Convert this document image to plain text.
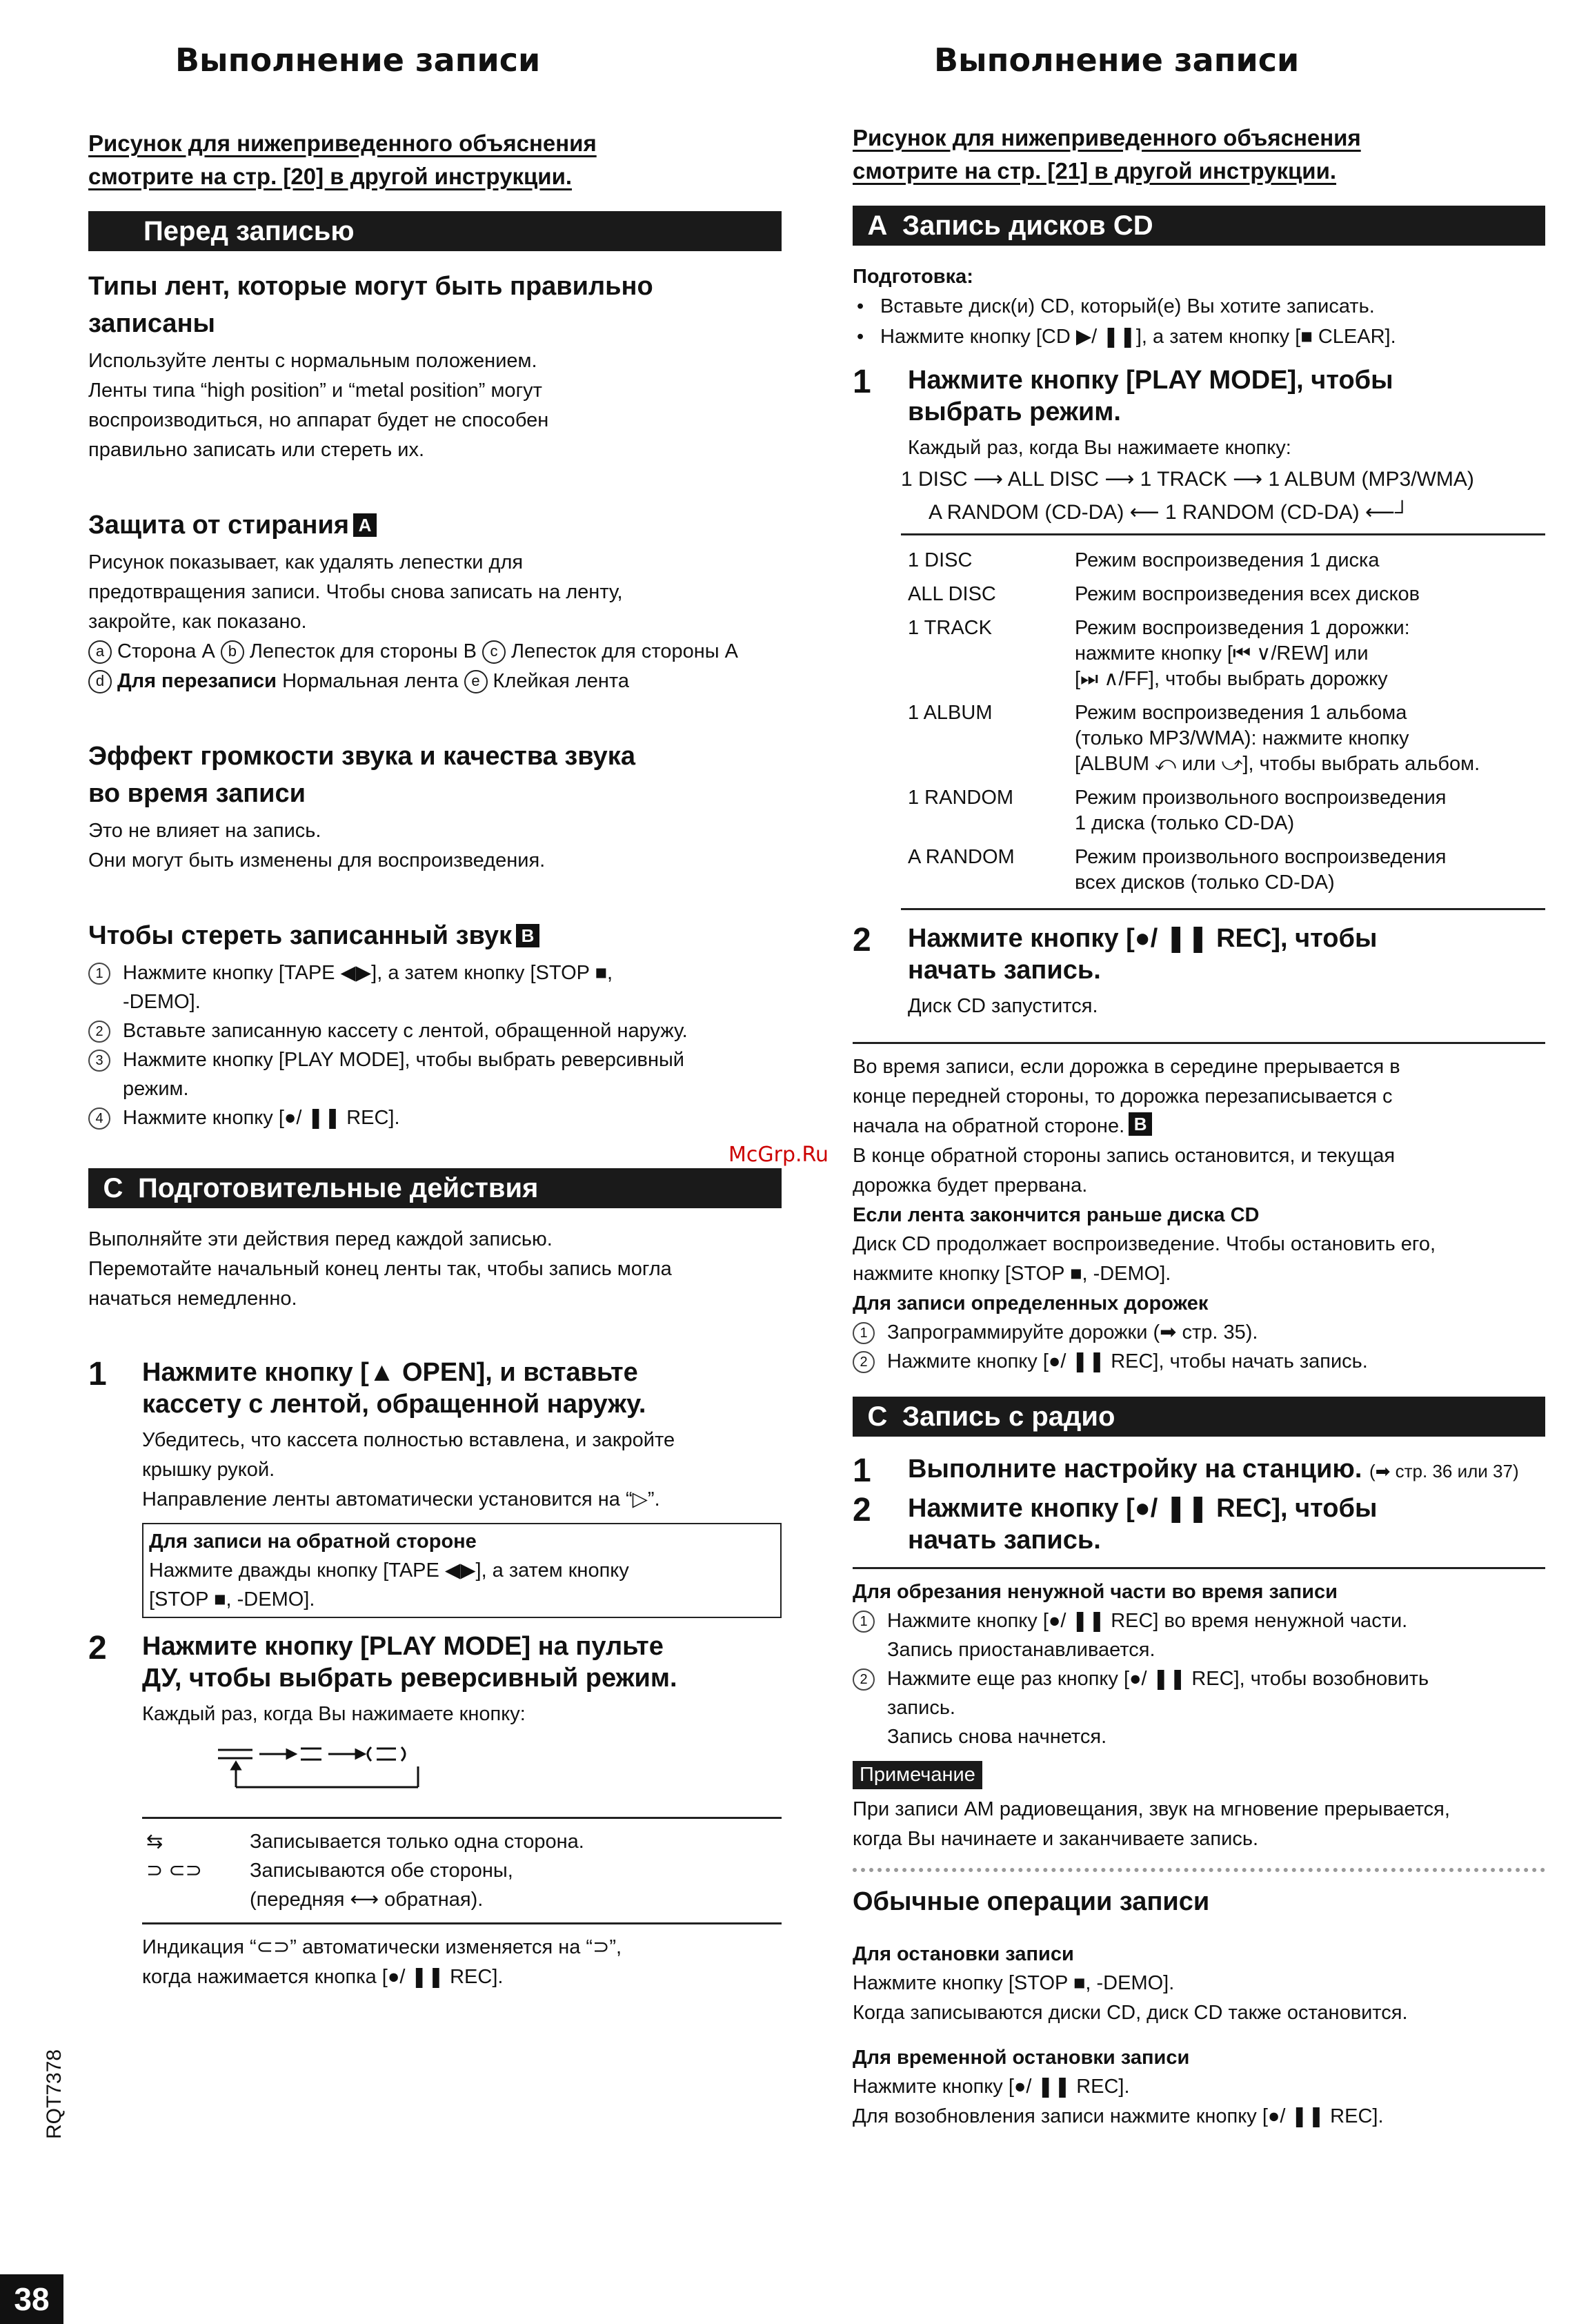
Выполнение записи
Рисунок для нижеприведенного объяснения
смотрите на стр. [20] в другой инструкции.
Перед записью
Типы лент, которые могут быть правильно
записаны

Используйте ленты с нормальным положением.

Ленты типа “high position” и “metal position” могут

воспроизводиться, но аппарат будет не способен

правильно записать или стереть их.

Защита от стирания A

Рисунок показывает, как удалять лепестки для

предотвращения записи. Чтобы снова записать на ленту,

закройте, как показано.

a Сторона А b Лепесток для стороны В c Лепесток для стороны А

d Для перезаписи Нормальная лента e Клейкая лента

Эффект громкости звука и качества звука
во время записи

Это не влияет на запись.

Они могут быть изменены для воспроизведения.

Чтобы стереть записанный звук B
1 Нажмите кнопку [TAPE ◀▶], а затем кнопку [STOP ■,
-DEMO].
2 Вставьте записанную кассету с лентой, обращенной наружу.
3 Нажмите кнопку [PLAY MODE], чтобы выбрать реверсивный
режим.
4 Нажмите кнопку [●/ ❚❚ REC].
C Подготовительные действия

Выполняйте эти действия перед каждой записью.

Перемотайте начальный конец ленты так, чтобы запись могла

начаться немедленно.

1 Нажмите кнопку [▲ OPEN], и вставьте
кассету с лентой, обращенной наружу.
Убедитесь, что кассета полностью вставлена, и закройте
крышку рукой.
Направление ленты автоматически установится на “▷”.
Для записи на обратной стороне
Нажмите дважды кнопку [TAPE ◀▶], а затем кнопку
[STOP ■, -DEMO].
2 Нажмите кнопку [PLAY MODE] на пульте
ДУ, чтобы выбрать реверсивный режим.
Каждый раз, когда Вы нажимаете кнопку:
⇆	Записывается только одна сторона.
⊃ ⊂⊃	Записываются обе стороны,
(передняя ⟷ обратная).
Индикация “⊂⊃” автоматически изменяется на “⊃”,
когда нажимается кнопка [●/ ❚❚ REC].
Выполнение записи
Рисунок для нижеприведенного объяснения
смотрите на стр. [21] в другой инструкции.
A Запись дисков CD
Подготовка:
• Вставьте диск(и) CD, который(е) Вы хотите записать.
• Нажмите кнопку [CD ▶/ ❚❚], а затем кнопку [■ CLEAR].
1 Нажмите кнопку [PLAY MODE], чтобы
выбрать режим.
Каждый раз, когда Вы нажимаете кнопку:
1 DISC ⟶ ALL DISC ⟶ 1 TRACK ⟶ 1 ALBUM (MP3/WMA)
A RANDOM (CD-DA) ⟵ 1 RANDOM (CD-DA) ⟵┘
1 DISC	Режим воспроизведения 1 диска

ALL DISC	Режим воспроизведения всех дисков

1 TRACK	Режим воспроизведения 1 дорожки:
нажмите кнопку [⏮ ∨/REW] или
[⏭ ∧/FF], чтобы выбрать дорожку

1 ALBUM	Режим воспроизведения 1 альбома
(только MP3/WMA): нажмите кнопку
[ALBUM ⤺ или ⤻], чтобы выбрать альбом.

1 RANDOM	Режим произвольного воспроизведения
1 диска (только CD-DA)

A RANDOM	Режим произвольного воспроизведения
всех дисков (только CD-DA)
2 Нажмите кнопку [●/ ❚❚ REC], чтобы
начать запись.
Диск CD запустится.

Во время записи, если дорожка в середине прерывается в

конце передней стороны, то дорожка перезаписывается с

начала на обратной стороне. B

В конце обратной стороны запись остановится, и текущая

дорожка будет прервана.

Если лента закончится раньше диска CD

Диск CD продолжает воспроизведение. Чтобы остановить его,

нажмите кнопку [STOP ■, -DEMO].

Для записи определенных дорожек
1 Запрограммируйте дорожки (➡ стр. 35).
2 Нажмите кнопку [●/ ❚❚ REC], чтобы начать запись.
C Запись с радио
1 Выполните настройку на станцию. (➡ стр. 36 или 37)
2 Нажмите кнопку [●/ ❚❚ REC], чтобы
начать запись.
Для обрезания ненужной части во время записи
1 Нажмите кнопку [●/ ❚❚ REC] во время ненужной части.
Запись приостанавливается.
2 Нажмите еще раз кнопку [●/ ❚❚ REC], чтобы возобновить
запись.
Запись снова начнется.
Примечание

При записи АМ радиовещания, звук на мгновение прерывается,

когда Вы начинаете и заканчиваете запись.

Обычные операции записи
Для остановки записи

Нажмите кнопку [STOP ■, -DEMO].

Когда записываются диски CD, диск CD также остановится.

Для временной остановки записи

Нажмите кнопку [●/ ❚❚ REC].

Для возобновления записи нажмите кнопку [●/ ❚❚ REC].

McGrp.Ru
RQT7378
38
